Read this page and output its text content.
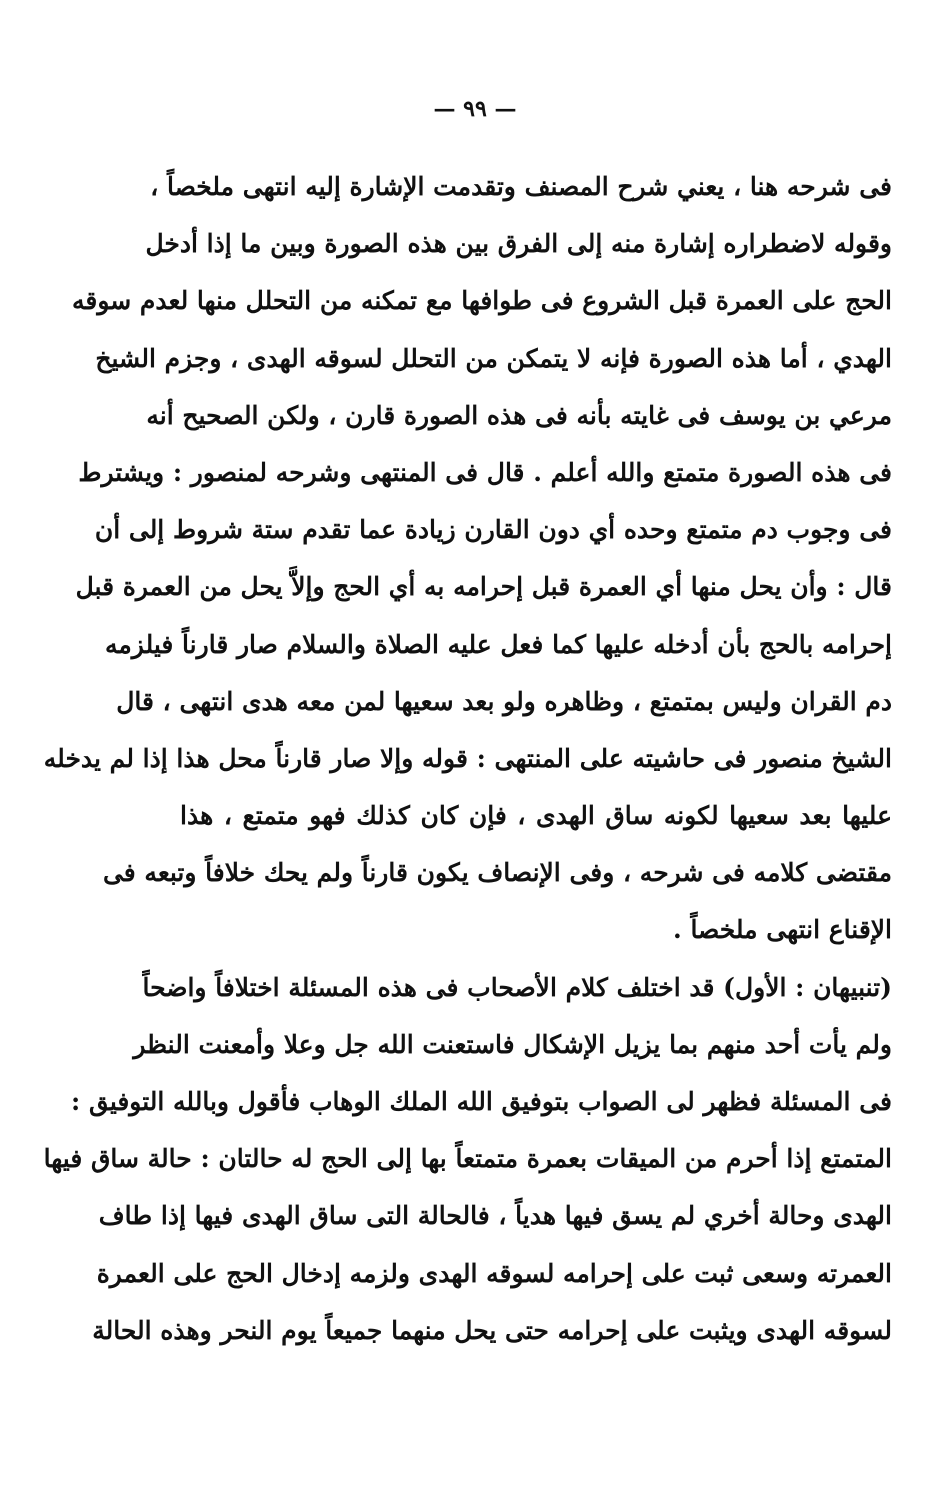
— ٩٩ —
فى شرحه هنا ، يعني شرح المصنف وتقدمت الإشارة إليه انتهى ملخصاً ،
وقوله لاضطراره إشارة منه إلى الفرق بين هذه الصورة وبين ما إذا أدخل
الحج على العمرة قبل الشروع فى طوافها مع تمكنه من التحلل منها لعدم سوقه
الهدي ، أما هذه الصورة فإنه لا يتمكن من التحلل لسوقه الهدى ، وجزم الشيخ
مرعي بن يوسف فى غايته بأنه فى هذه الصورة قارن ، ولكن الصحيح أنه
فى هذه الصورة متمتع والله أعلم . قال فى المنتهى وشرحه لمنصور : ويشترط
فى وجوب دم متمتع وحده أي دون القارن زيادة عما تقدم ستة شروط إلى أن
قال : وأن يحل منها أي العمرة قبل إحرامه به أي الحج وإلاَّ يحل من العمرة قبل
إحرامه بالحج بأن أدخله عليها كما فعل عليه الصلاة والسلام صار قارناً فيلزمه
دم القران وليس بمتمتع ، وظاهره ولو بعد سعيها لمن معه هدى انتهى ، قال
الشيخ منصور فى حاشيته على المنتهى : قوله وإلا صار قارناً محل هذا إذا لم يدخله
عليها بعد سعيها لكونه ساق الهدى ، فإن كان كذلك فهو متمتع ، هذا
مقتضى كلامه فى شرحه ، وفى الإنصاف يكون قارناً ولم يحك خلافاً وتبعه فى
الإقناع انتهى ملخصاً .
(تنبيهان : الأول) قد اختلف كلام الأصحاب فى هذه المسئلة اختلافاً واضحاً
ولم يأت أحد منهم بما يزيل الإشكال فاستعنت الله جل وعلا وأمعنت النظر
فى المسئلة فظهر لى الصواب بتوفيق الله الملك الوهاب فأقول وبالله التوفيق :
المتمتع إذا أحرم من الميقات بعمرة متمتعاً بها إلى الحج له حالتان : حالة ساق فيها
الهدى وحالة أخري لم يسق فيها هدياً ، فالحالة التى ساق الهدى فيها إذا طاف
العمرته وسعى ثبت على إحرامه لسوقه الهدى ولزمه إدخال الحج على العمرة
لسوقه الهدى ويثبت على إحرامه حتى يحل منهما جميعاً يوم النحر وهذه الحالة
